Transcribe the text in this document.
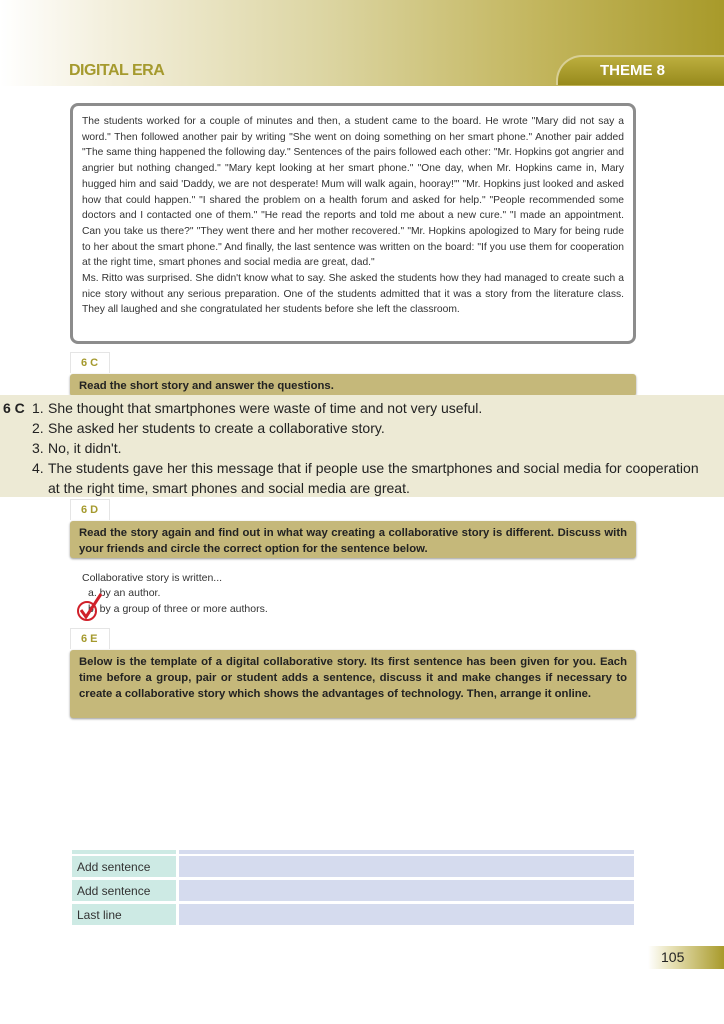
DIGITAL ERA	THEME 8

The students worked for a couple of minutes and then, a student came to the board. He wrote "Mary did not say a word." Then followed another pair by writing "She went on doing something on her smart phone." Another pair added "The same thing happened the following day." Sentences of the pairs followed each other: "Mr. Hopkins got angrier and angrier but nothing changed." "Mary kept looking at her smart phone." "One day, when Mr. Hopkins came in, Mary hugged him and said 'Daddy, we are not desperate! Mum will walk again, hooray!'" "Mr. Hopkins just looked and asked how that could happen." "I shared the problem on a health forum and asked for help." "People recommended some doctors and I contacted one of them." "He read the reports and told me about a new cure." "I made an appointment. Can you take us there?" "They went there and her mother recovered." "Mr. Hopkins apologized to Mary for being rude to her about the smart phone." And finally, the last sentence was written on the board: "If you use them for cooperation at the right time, smart phones and social media are great, dad."

Ms. Ritto was surprised. She didn't know what to say. She asked the students how they had managed to create such a nice story without any serious preparation. One of the students admitted that it was a story from the literature class. They all laughed and she congratulated her students before she left the classroom.

6 C
Read the short story and answer the questions.
6 C 1. She thought that smartphones were waste of time and not very useful.
2. She asked her students to create a collaborative story.
3. No, it didn't.
4. The students gave her this message that if people use the smartphones and social media for cooperation at the right time, smart phones and social media are great.
6 D
Read the story again and find out in what way creating a collaborative story is different. Discuss with your friends and circle the correct option for the sentence below.
Collaborative story is written...
a. by an author.
b. by a group of three or more authors.
6 E
Below is the template of a digital collaborative story. Its first sentence has been given for you. Each time before a group, pair or student adds a sentence, discuss it and make changes if necessary to create a collaborative story which shows the advantages of technology. Then, arrange it online.
Add sentence	
Add sentence	
Last line	
105
